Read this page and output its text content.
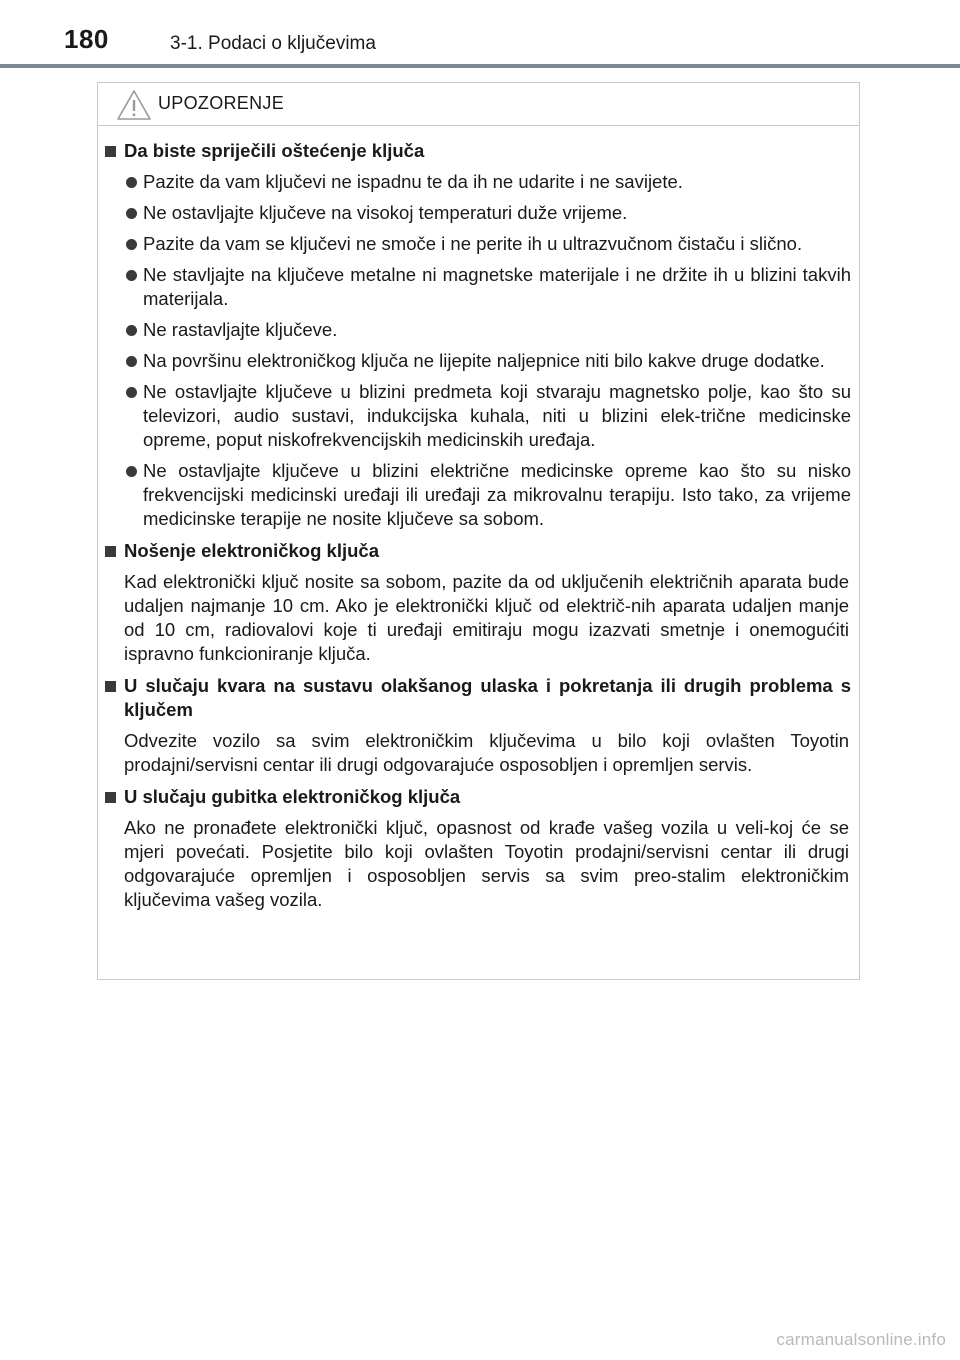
180	3-1. Podaci o ključevima
UPOZORENJE
Da biste spriječili oštećenje ključa
Pazite da vam ključevi ne ispadnu te da ih ne udarite i ne savijete.
Ne ostavljajte ključeve na visokoj temperaturi duže vrijeme.
Pazite da vam se ključevi ne smoče i ne perite ih u ultrazvučnom čistaču i slično.
Ne stavljajte na ključeve metalne ni magnetske materijale i ne držite ih u blizini takvih materijala.
Ne rastavljajte ključeve.
Na površinu elektroničkog ključa ne lijepite naljepnice niti bilo kakve druge dodatke.
Ne ostavljajte ključeve u blizini predmeta koji stvaraju magnetsko polje, kao što su televizori, audio sustavi, indukcijska kuhala, niti u blizini elek-trične medicinske opreme, poput niskofrekvencijskih medicinskih uređaja.
Ne ostavljajte ključeve u blizini električne medicinske opreme kao što su nisko frekvencijski medicinski uređaji ili uređaji za mikrovalnu terapiju. Isto tako, za vrijeme medicinske terapije ne nosite ključeve sa sobom.
Nošenje elektroničkog ključa
Kad elektronički ključ nosite sa sobom, pazite da od uključenih električnih aparata bude udaljen najmanje 10 cm. Ako je elektronički ključ od električ-nih aparata udaljen manje od 10 cm, radiovalovi koje ti uređaji emitiraju mogu izazvati smetnje i onemogućiti ispravno funkcioniranje ključa.
U slučaju kvara na sustavu olakšanog ulaska i pokretanja ili drugih problema s ključem
Odvezite vozilo sa svim elektroničkim ključevima u bilo koji ovlašten Toyotin prodajni/servisni centar ili drugi odgovarajuće osposobljen i opremljen servis.
U slučaju gubitka elektroničkog ključa
Ako ne pronađete elektronički ključ, opasnost od krađe vašeg vozila u veli-koj će se mjeri povećati. Posjetite bilo koji ovlašten Toyotin prodajni/servisni centar ili drugi odgovarajuće opremljen i osposobljen servis sa svim preo-stalim elektroničkim ključevima vašeg vozila.
carmanualsonline.info
